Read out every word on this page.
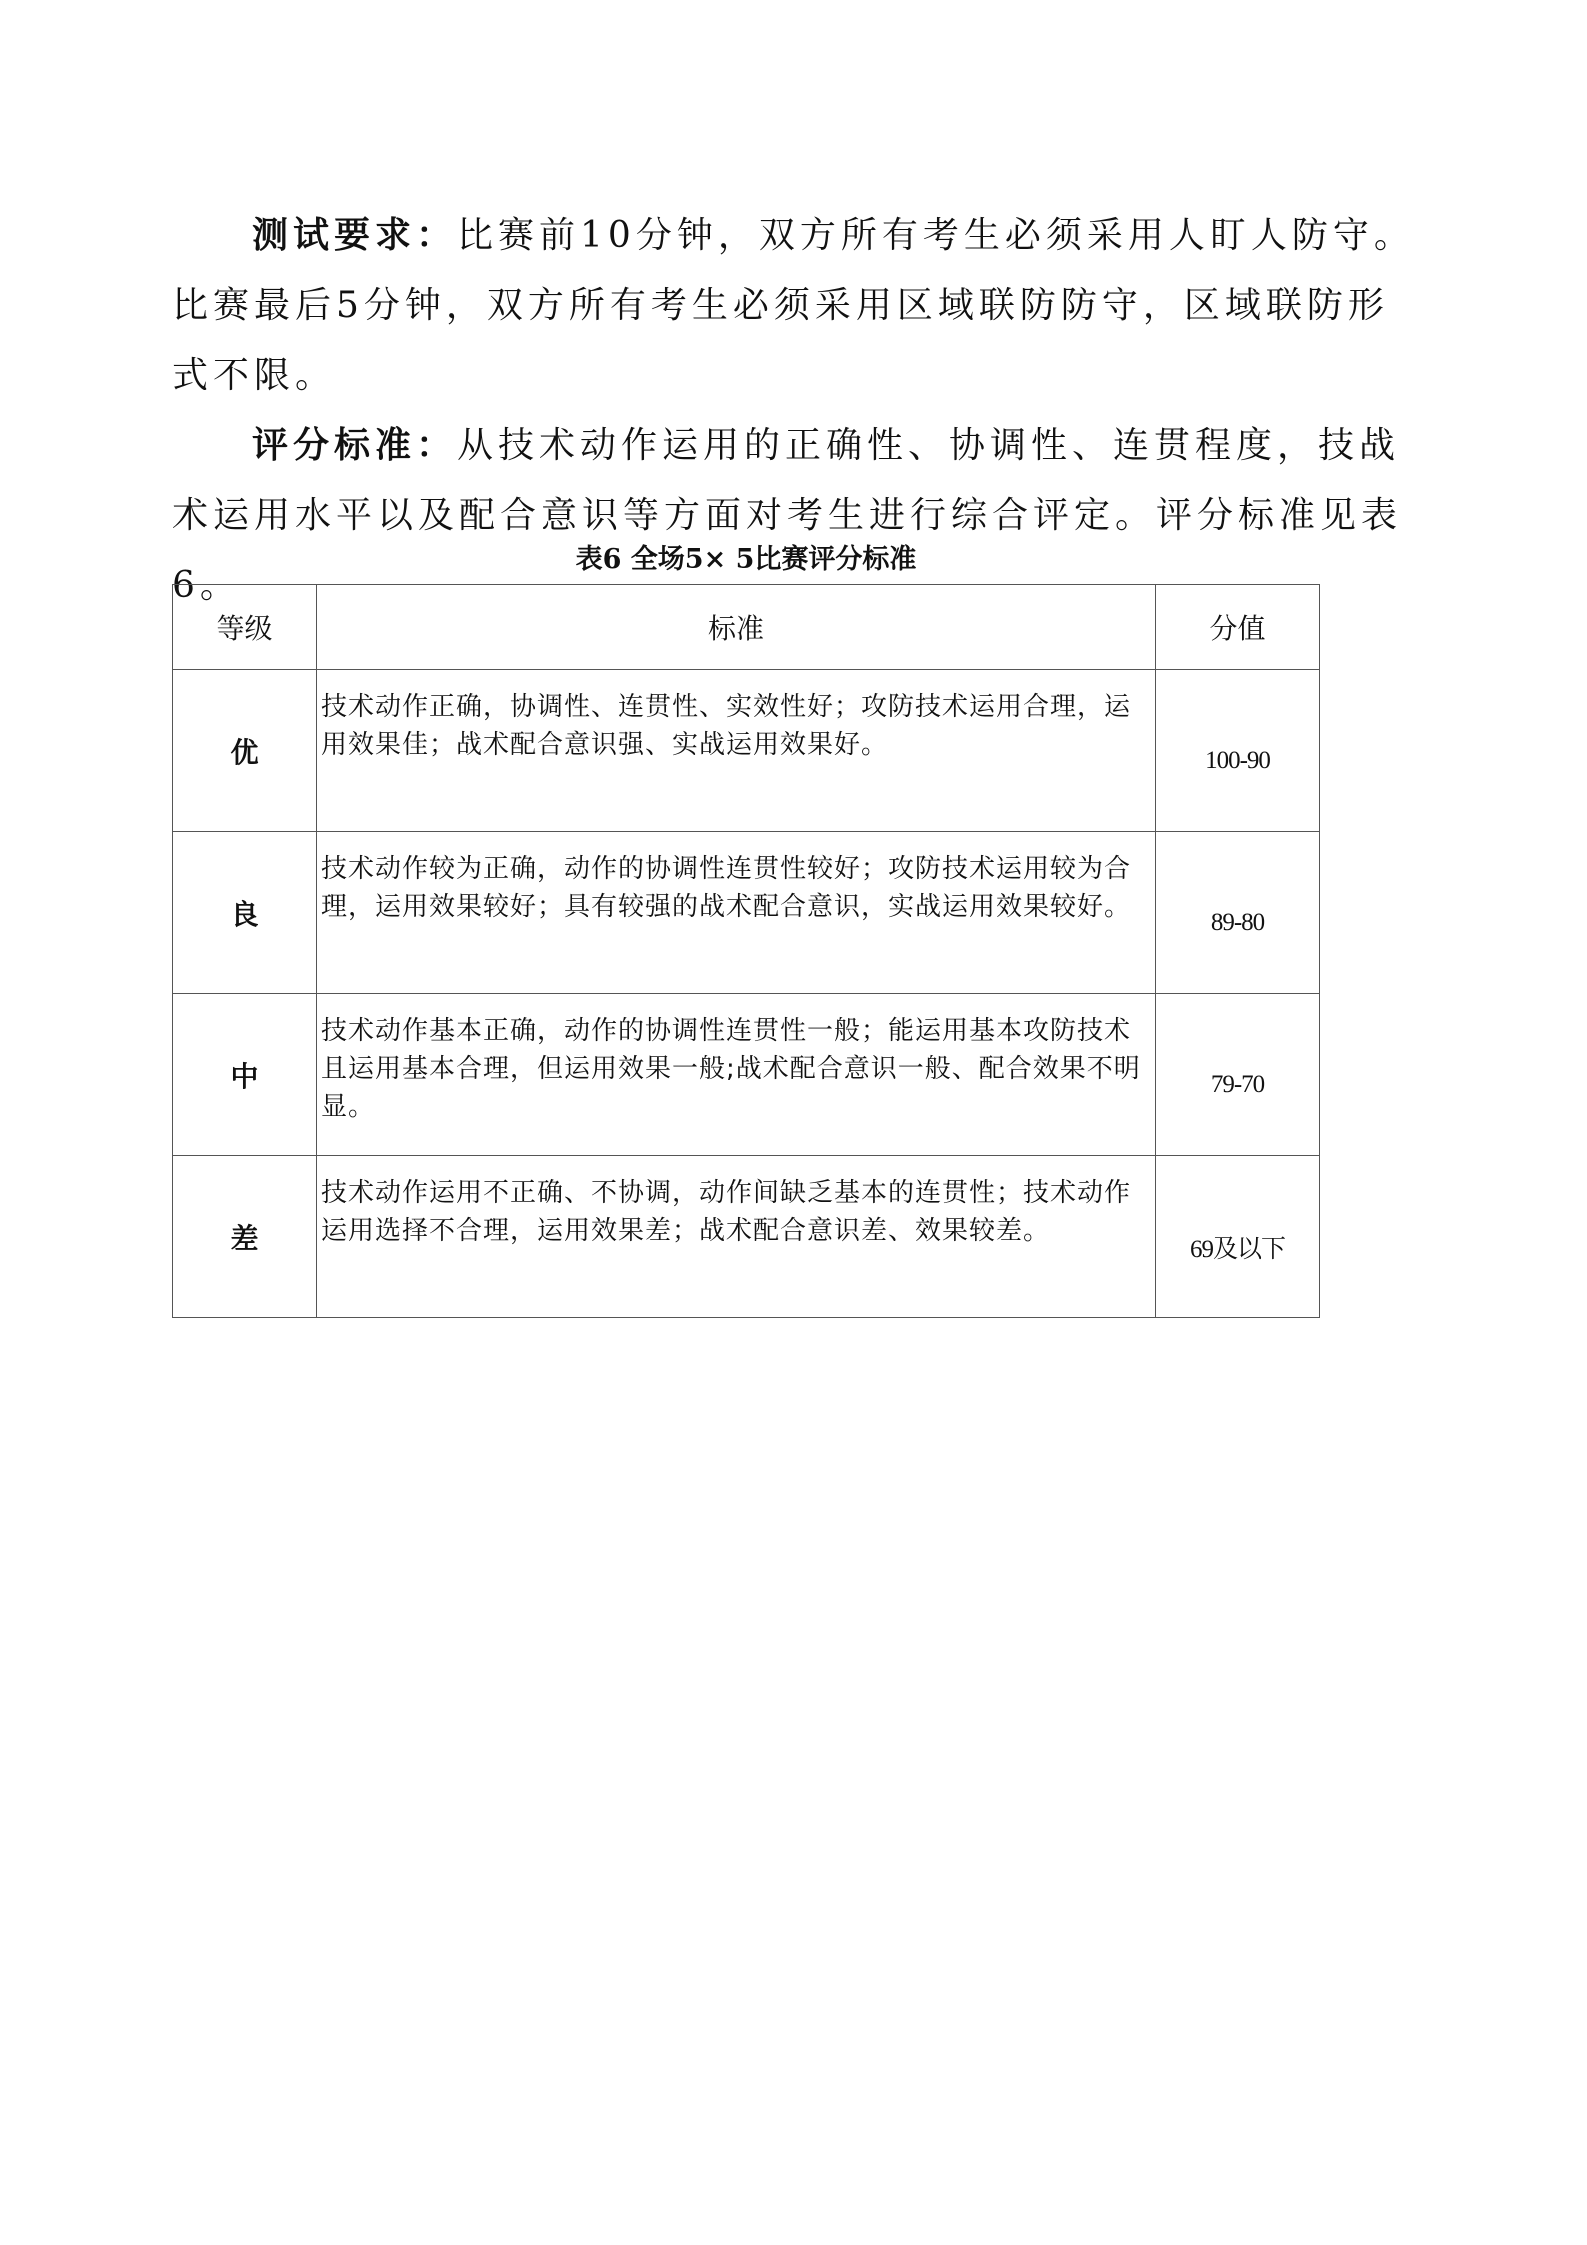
测试要求：比赛前10分钟，双方所有考生必须采用人盯人防守。比赛最后5分钟，双方所有考生必须采用区域联防防守，区域联防形式不限。

评分标准：从技术动作运用的正确性、协调性、连贯程度，技战术运用水平以及配合意识等方面对考生进行综合评定。评分标准见表6。

表6 全场5× 5比赛评分标准
等级	标准	分值
优	技术动作正确，协调性、连贯性、实效性好；攻防技术运用合理，运用效果佳；战术配合意识强、实战运用效果好。	100-90
良	技术动作较为正确，动作的协调性连贯性较好；攻防技术运用较为合理，运用效果较好；具有较强的战术配合意识，实战运用效果较好。	89-80
中	技术动作基本正确，动作的协调性连贯性一般；能运用基本攻防技术且运用基本合理，但运用效果一般;战术配合意识一般、配合效果不明显。	79-70
差	技术动作运用不正确、不协调，动作间缺乏基本的连贯性；技术动作运用选择不合理，运用效果差；战术配合意识差、效果较差。	69及以下
